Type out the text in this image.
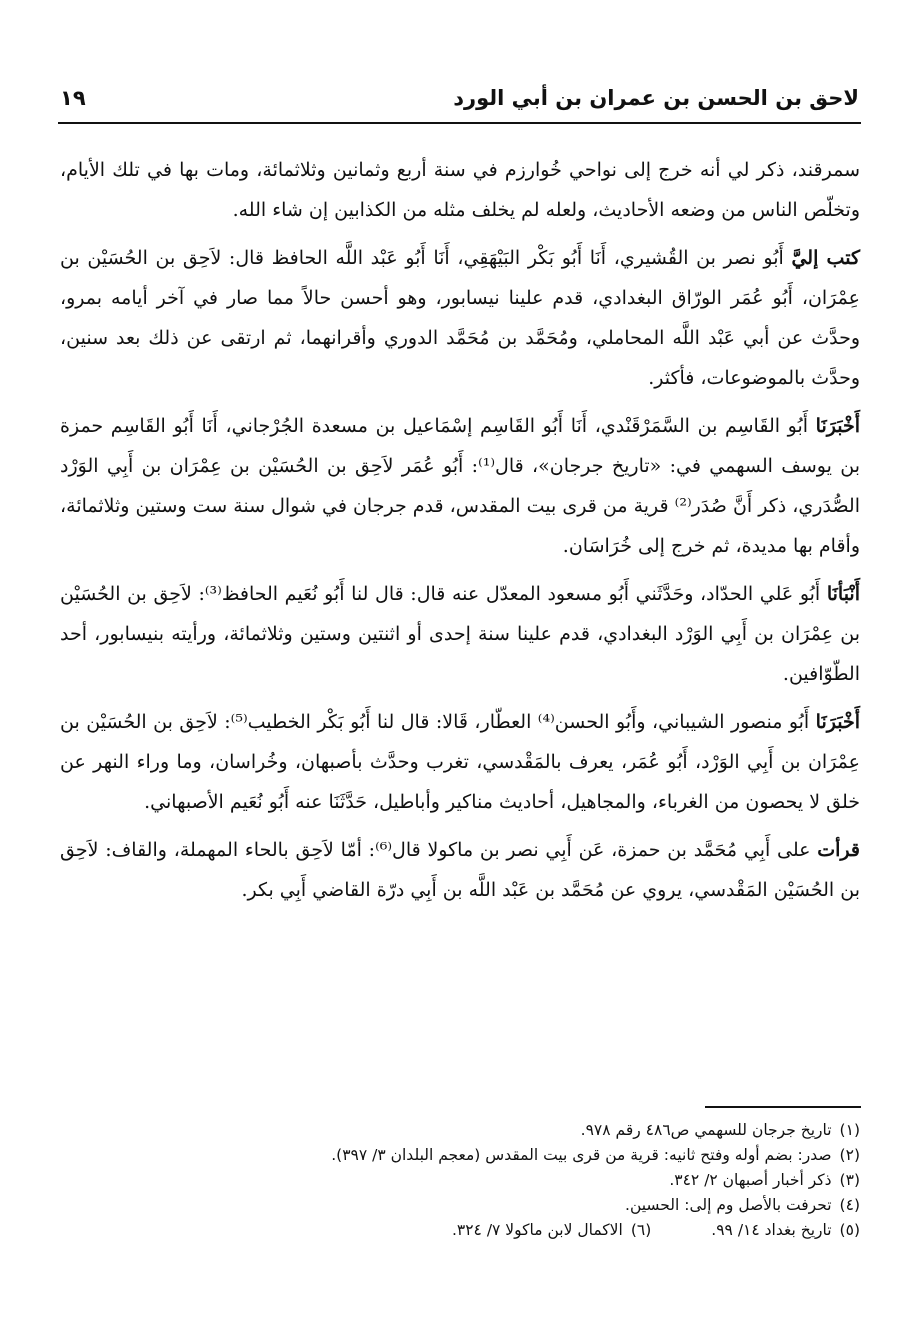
لاحق بن الحسن بن عمران بن أبي الورد
١٩

سمرقند، ذكر لي أنه خرج إلى نواحي خُوارزم في سنة أربع وثمانين وثلاثمائة، ومات بها في تلك الأيام، وتخلّص الناس من وضعه الأحاديث، ولعله لم يخلف مثله من الكذابين إن شاء الله.

كتب إليَّ أَبُو نصر بن القُشيري، أَنَا أَبُو بَكْر البَيْهَقِي، أَنَا أَبُو عَبْد اللَّه الحافظ قال: لاَحِق بن الحُسَيْن بن عِمْرَان، أَبُو عُمَر الورّاق البغدادي، قدم علينا نيسابور، وهو أحسن حالاً مما صار في آخر أيامه بمرو، وحدَّث عن أبي عَبْد اللَّه المحاملي، ومُحَمَّد بن مُحَمَّد الدوري وأقرانهما، ثم ارتقى عن ذلك بعد سنين، وحدَّث بالموضوعات، فأكثر.

أَخْبَرَنَا أَبُو القَاسِم بن السَّمَرْقَنْدي، أَنَا أَبُو القَاسِم إسْمَاعيل بن مسعدة الجُرْجاني، أَنَا أَبُو القَاسِم حمزة بن يوسف السهمي في: «تاريخ جرجان»، قال⁽¹⁾: أَبُو عُمَر لاَحِق بن الحُسَيْن بن عِمْرَان بن أَبِي الوَرْد الصُّدَري، ذكر أَنَّ صُدَر⁽²⁾ قرية من قرى بيت المقدس، قدم جرجان في شوال سنة ست وستين وثلاثمائة، وأقام بها مديدة، ثم خرج إلى خُرَاسَان.

أَنْبَأنَا أَبُو عَلي الحدّاد، وحَدَّثَني أَبُو مسعود المعدّل عنه قال: قال لنا أَبُو نُعَيم الحافظ⁽³⁾: لاَحِق بن الحُسَيْن بن عِمْرَان بن أَبِي الوَرْد البغدادي، قدم علينا سنة إحدى أو اثنتين وستين وثلاثمائة، ورأيته بنيسابور، أحد الطّوّافين.

أَخْبَرَنَا أَبُو منصور الشيباني، وأَبُو الحسن⁽⁴⁾ العطّار، قَالا: قال لنا أَبُو بَكْر الخطيب⁽⁵⁾: لاَحِق بن الحُسَيْن بن عِمْرَان بن أَبِي الوَرْد، أَبُو عُمَر، يعرف بالمَقْدسي، تغرب وحدَّث بأصبهان، وخُراسان، وما وراء النهر عن خلق لا يحصون من الغرباء، والمجاهيل، أحاديث مناكير وأباطيل، حَدَّثَنَا عنه أَبُو نُعَيم الأصبهاني.

قرأت على أَبِي مُحَمَّد بن حمزة، عَن أَبِي نصر بن ماكولا قال⁽⁶⁾: أمّا لاَحِق بالحاء المهملة، والقاف: لاَحِق بن الحُسَيْن المَقْدسي، يروي عن مُحَمَّد بن عَبْد اللَّه بن أَبِي درّة القاضي أَبِي بكر.

(١)
تاريخ جرجان للسهمي ص٤٨٦ رقم ٩٧٨.
(٢)
صدر: بضم أوله وفتح ثانيه: قرية من قرى بيت المقدس (معجم البلدان ٣/ ٣٩٧).
(٣)
ذكر أخبار أصبهان ٢/ ٣٤٢.
(٤)
تحرفت بالأصل وم إلى: الحسين.
(٥)
تاريخ بغداد ١٤/ ٩٩.
(٦)
الاكمال لابن ماكولا ٧/ ٣٢٤.
